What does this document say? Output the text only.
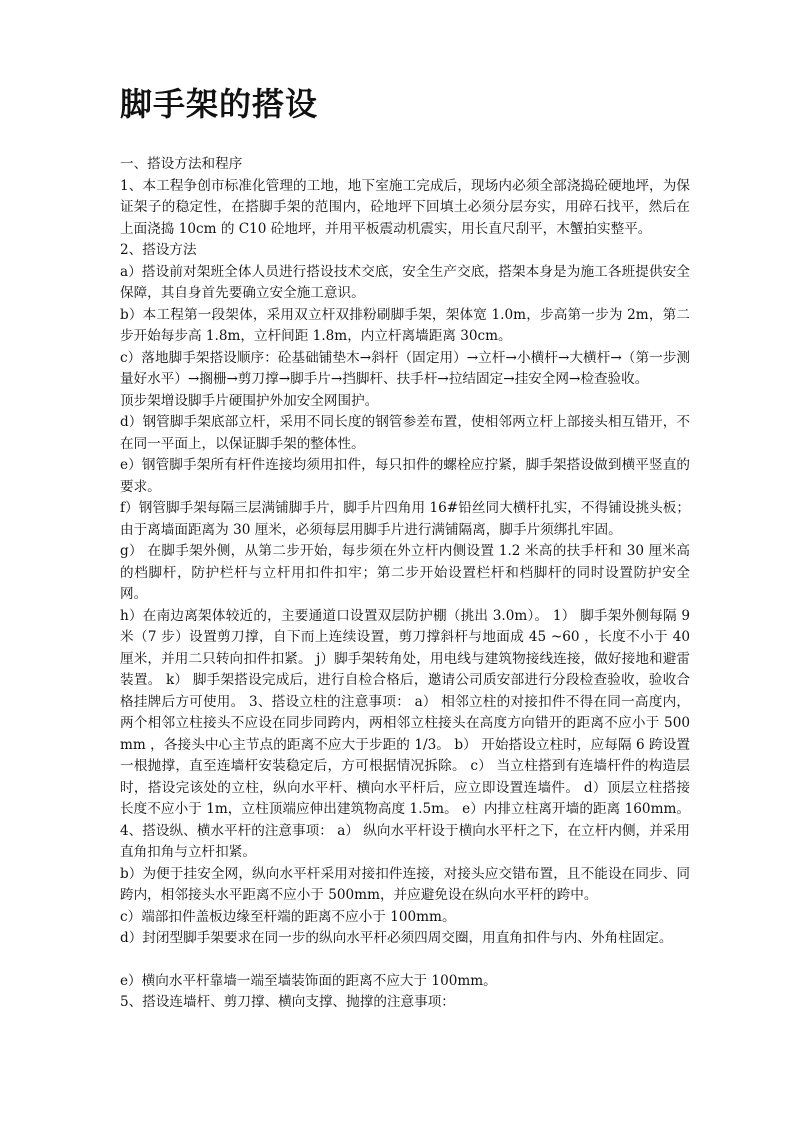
脚手架的搭设

一、搭设方法和程序

1、本工程争创市标准化管理的工地，地下室施工完成后，现场内必须全部浇捣砼硬地坪，为保证架子的稳定性，在搭脚手架的范围内，砼地坪下回填土必须分层夯实，用碎石找平，然后在上面浇捣 10cm 的 C10 砼地坪，并用平板震动机震实，用长直尺刮平，木蟹拍实整平。

2、搭设方法

a）搭设前对架班全体人员进行搭设技术交底，安全生产交底，搭架本身是为施工各班提供安全保障，其自身首先要确立安全施工意识。

b）本工程第一段架体，采用双立杆双排粉刷脚手架，架体宽 1.0m，步高第一步为 2m，第二步开始每步高 1.8m，立杆间距 1.8m，内立杆离墙距离 30cm。

c）落地脚手架搭设顺序：砼基础铺垫木→斜杆（固定用）→立杆→小横杆→大横杆→（第一步测量好水平）→搁栅→剪刀撑→脚手片→挡脚杆、扶手杆→拉结固定→挂安全网→检查验收。

顶步架增设脚手片硬围护外加安全网围护。

d）钢管脚手架底部立杆，采用不同长度的钢管参差布置，使相邻两立杆上部接头相互错开，不在同一平面上，以保证脚手架的整体性。

e）钢管脚手架所有杆件连接均须用扣件，每只扣件的螺栓应拧紧，脚手架搭设做到横平竖直的要求。

f）钢管脚手架每隔三层满铺脚手片，脚手片四角用 16#铅丝同大横杆扎实，不得铺设挑头板；由于离墙面距离为 30 厘米，必须每层用脚手片进行满铺隔离，脚手片须绑扎牢固。

g） 在脚手架外侧，从第二步开始，每步须在外立杆内侧设置 1.2 米高的扶手杆和 30 厘米高的档脚杆，防护栏杆与立杆用扣件扣牢；第二步开始设置栏杆和档脚杆的同时设置防护安全网。

h）在南边离架体较近的，主要通道口设置双层防护棚（挑出 3.0m）。 1） 脚手架外侧每隔 9 米（7 步）设置剪刀撑，自下而上连续设置，剪刀撑斜杆与地面成 45 ~60 ，长度不小于 40 厘米，并用二只转向扣件扣紧。 j）脚手架转角处，用电线与建筑物接线连接，做好接地和避雷装置。 k） 脚手架搭设完成后，进行自检合格后，邀请公司质安部进行分段检查验收，验收合格挂牌后方可使用。 3、搭设立柱的注意事项： a） 相邻立柱的对接扣件不得在同一高度内，两个相邻立柱接头不应设在同步同跨内，两相邻立柱接头在高度方向错开的距离不应小于 500mm ，各接头中心主节点的距离不应大于步距的 1/3。 b） 开始搭设立柱时，应每隔 6 跨设置一根抛撑，直至连墙杆安装稳定后，方可根据情况拆除。 c） 当立柱搭到有连墙杆件的构造层时，搭设完该处的立柱，纵向水平杆、横向水平杆后，应立即设置连墙件。 d）顶层立柱搭接长度不应小于 1m，立柱顶端应伸出建筑物高度 1.5m。 e）内排立柱离开墙的距离 160mm。 4、搭设纵、横水平杆的注意事项： a） 纵向水平杆设于横向水平杆之下，在立杆内侧，并采用直角扣角与立杆扣紧。

b）为便于挂安全网，纵向水平杆采用对接扣件连接，对接头应交错布置，且不能设在同步、同跨内，相邻接头水平距离不应小于 500mm，并应避免设在纵向水平杆的跨中。

c）端部扣件盖板边缘至杆端的距离不应小于 100mm。

d）封闭型脚手架要求在同一步的纵向水平杆必须四周交圈，用直角扣件与内、外角柱固定。

e）横向水平杆靠墙一端至墙装饰面的距离不应大于 100mm。

5、搭设连墙杆、剪刀撑、横向支撑、抛撑的注意事项：
